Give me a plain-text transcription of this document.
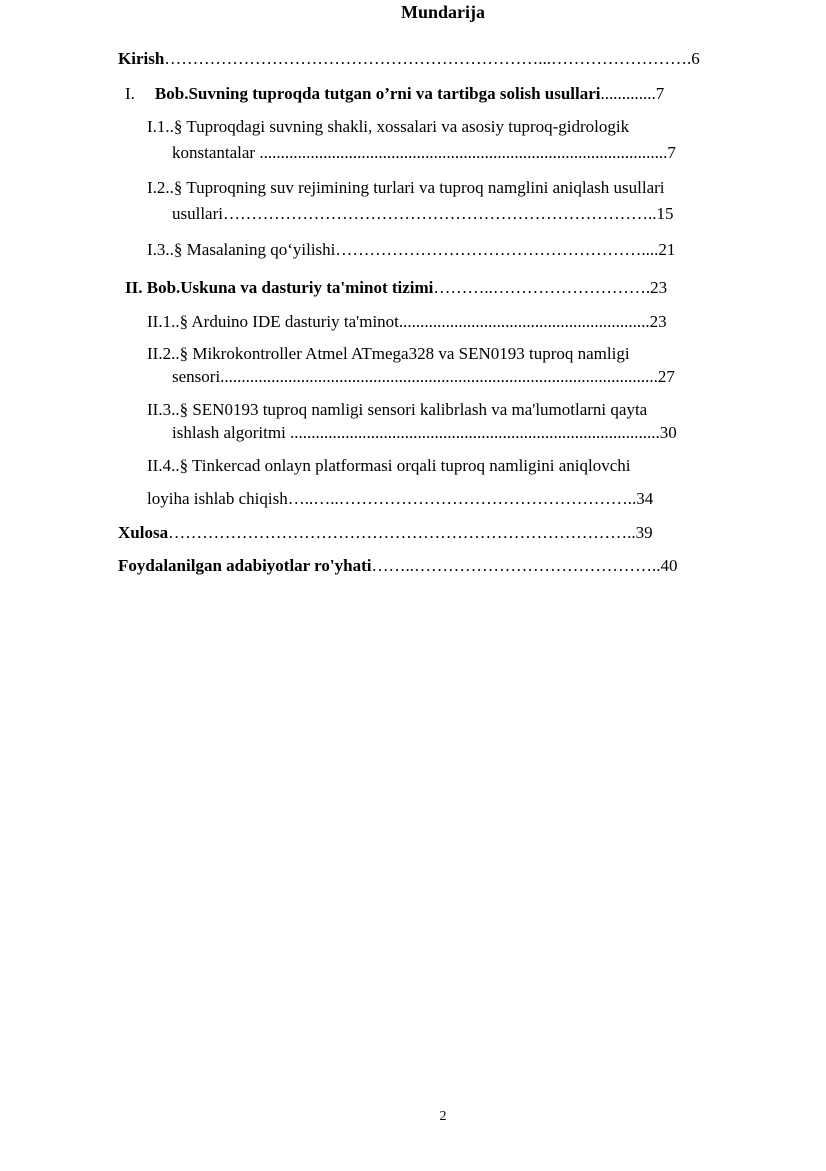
Mundarija
Kirish…………………………………………………………...…………………….6
I. Bob.Suvning tuproqda tutgan o’rni va tartibga solish usullari.............7
I.1..§ Tuproqdagi suvning shakli, xossalari va asosiy tuproq-gidrologik
konstantalar ................................................................................................7
I.2..§ Tuproqning suv rejimining turlari va tuproq namglini aniqlash usullari
usullari…………………………………………………………………..15
I.3..§ Masalaning qo‘yilishi………………………………………………....21
II. Bob.Uskuna va dasturiy ta'minot tizimi………..……………………….23
II.1..§ Arduino IDE dasturiy ta'minot...........................................................23
II.2..§ Mikrokontroller Atmel ATmega328 va SEN0193 tuproq namligi
sensori.......................................................................................................27
II.3..§ SEN0193 tuproq namligi sensori kalibrlash va ma'lumotlarni qayta
ishlash algoritmi .......................................................................................30
II.4..§ Tinkercad onlayn platformasi orqali tuproq namligini aniqlovchi
loyiha ishlab chiqish…..…..……………………………………………..34
Xulosa………………………………………………………………………..39
Foydalanilgan adabiyotlar ro'yhati……..……………………………………..40
2
